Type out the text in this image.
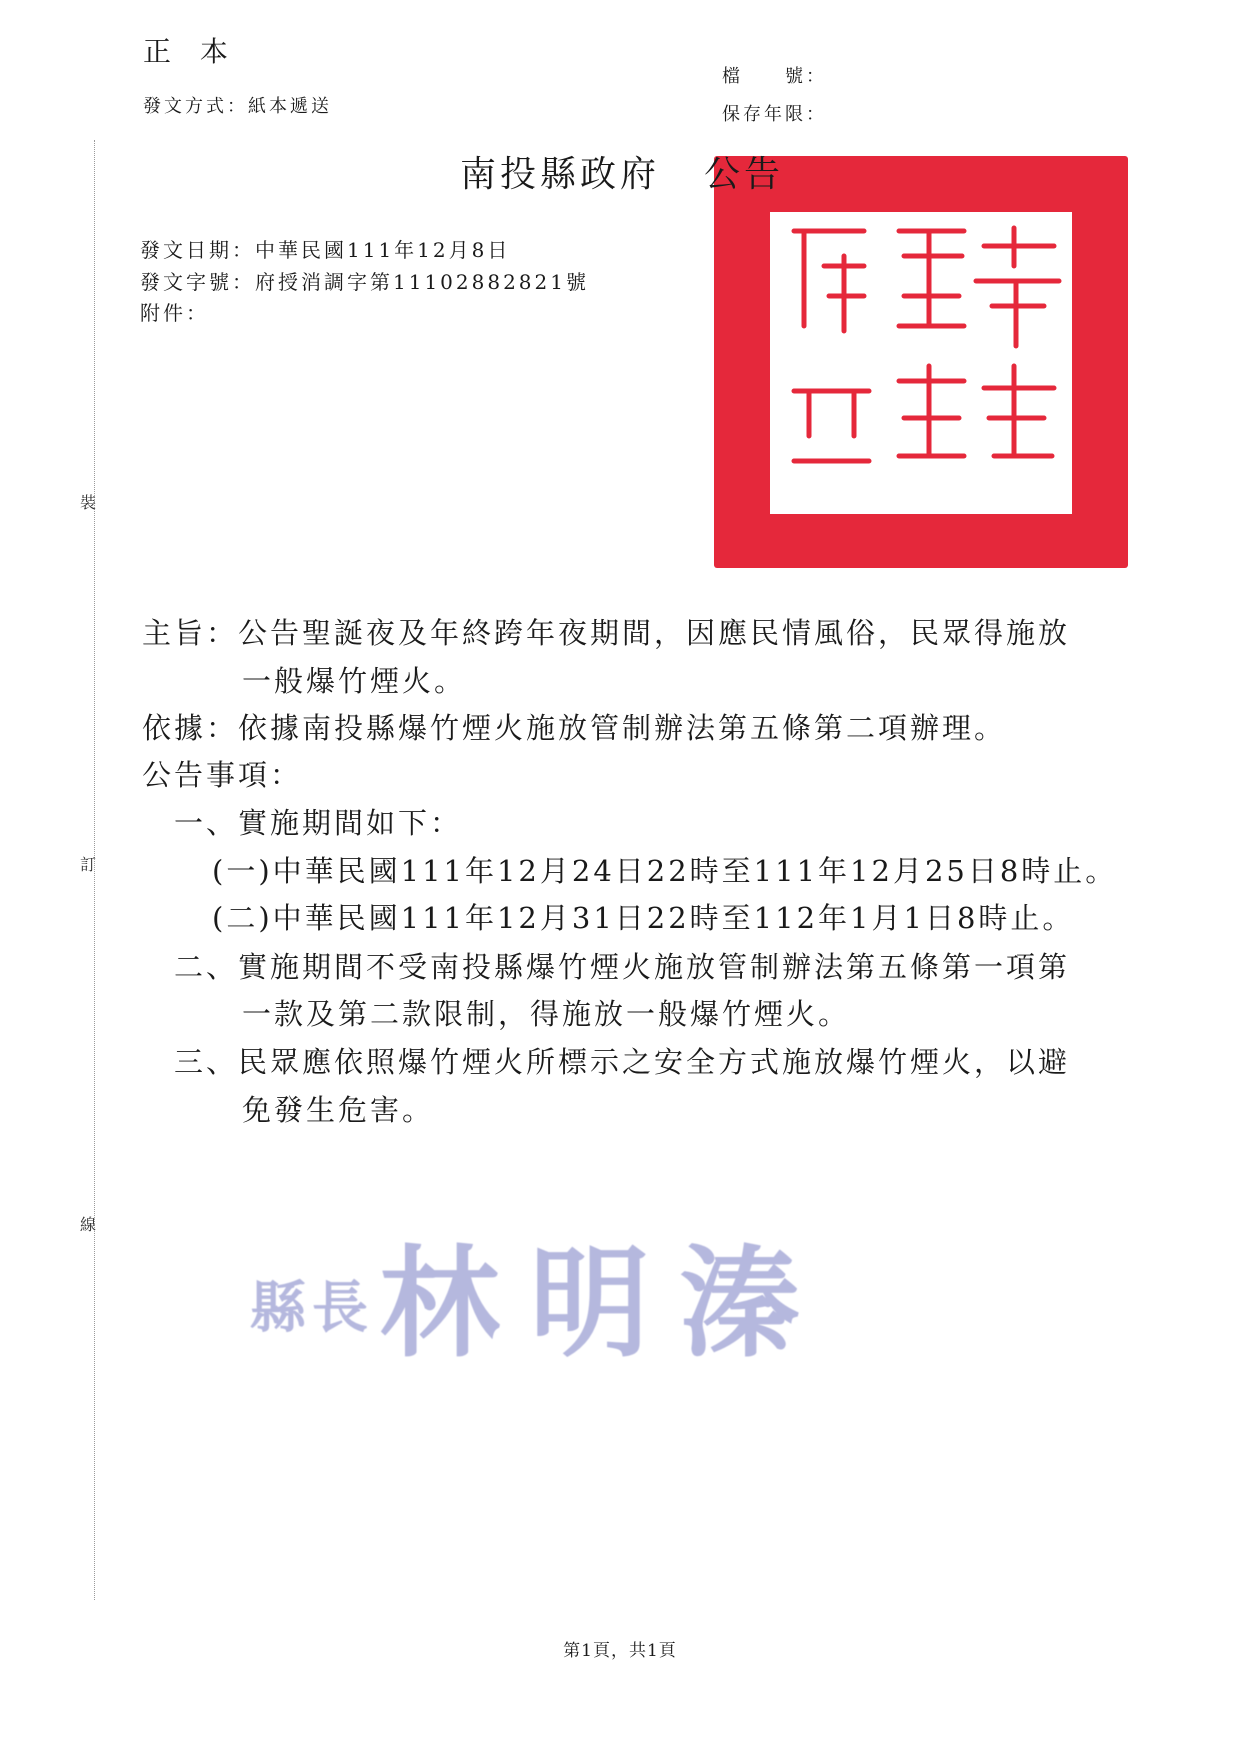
正 本
發文方式：紙本遞送
檔　　號：
保存年限：
南投縣政府 公告
發文日期：中華民國111年12月8日
發文字號：府授消調字第11102882821號
附件：
裝
訂
線
主旨：公告聖誕夜及年終跨年夜期間，因應民情風俗，民眾得施放
一般爆竹煙火。
依據：依據南投縣爆竹煙火施放管制辦法第五條第二項辦理。
公告事項：
一、實施期間如下：
(一)中華民國111年12月24日22時至111年12月25日8時止。
(二)中華民國111年12月31日22時至112年1月1日8時止。
二、實施期間不受南投縣爆竹煙火施放管制辦法第五條第一項第
一款及第二款限制，得施放一般爆竹煙火。
三、民眾應依照爆竹煙火所標示之安全方式施放爆竹煙火，以避
免發生危害。
縣長 林明溱
第1頁，共1頁
